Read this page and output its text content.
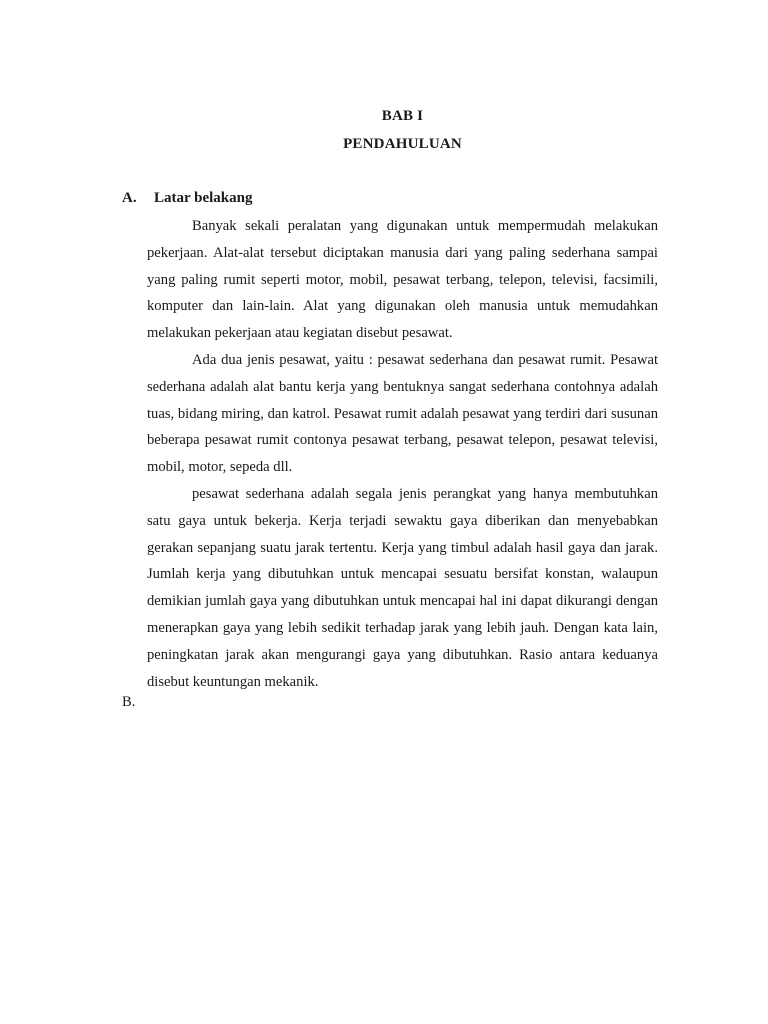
BAB I
PENDAHULUAN
A. Latar belakang

Banyak sekali peralatan yang digunakan untuk mempermudah melakukan pekerjaan. Alat-alat tersebut diciptakan manusia dari yang paling sederhana sampai yang paling rumit seperti motor, mobil, pesawat terbang, telepon, televisi, facsimili, komputer dan lain-lain. Alat yang digunakan oleh manusia untuk memudahkan melakukan pekerjaan atau kegiatan disebut pesawat.

Ada dua jenis pesawat, yaitu : pesawat sederhana dan pesawat rumit. Pesawat sederhana adalah alat bantu kerja yang bentuknya sangat sederhana contohnya adalah tuas, bidang miring, dan katrol. Pesawat rumit adalah pesawat yang terdiri dari susunan beberapa pesawat rumit contonya pesawat terbang, pesawat telepon, pesawat televisi, mobil, motor, sepeda dll.

pesawat sederhana adalah segala jenis perangkat yang hanya membutuhkan satu gaya untuk bekerja. Kerja terjadi sewaktu gaya diberikan dan menyebabkan gerakan sepanjang suatu jarak tertentu. Kerja yang timbul adalah hasil gaya dan jarak. Jumlah kerja yang dibutuhkan untuk mencapai sesuatu bersifat konstan, walaupun demikian jumlah gaya yang dibutuhkan untuk mencapai hal ini dapat dikurangi dengan menerapkan gaya yang lebih sedikit terhadap jarak yang lebih jauh. Dengan kata lain, peningkatan jarak akan mengurangi gaya yang dibutuhkan. Rasio antara keduanya disebut keuntungan mekanik.

B.
